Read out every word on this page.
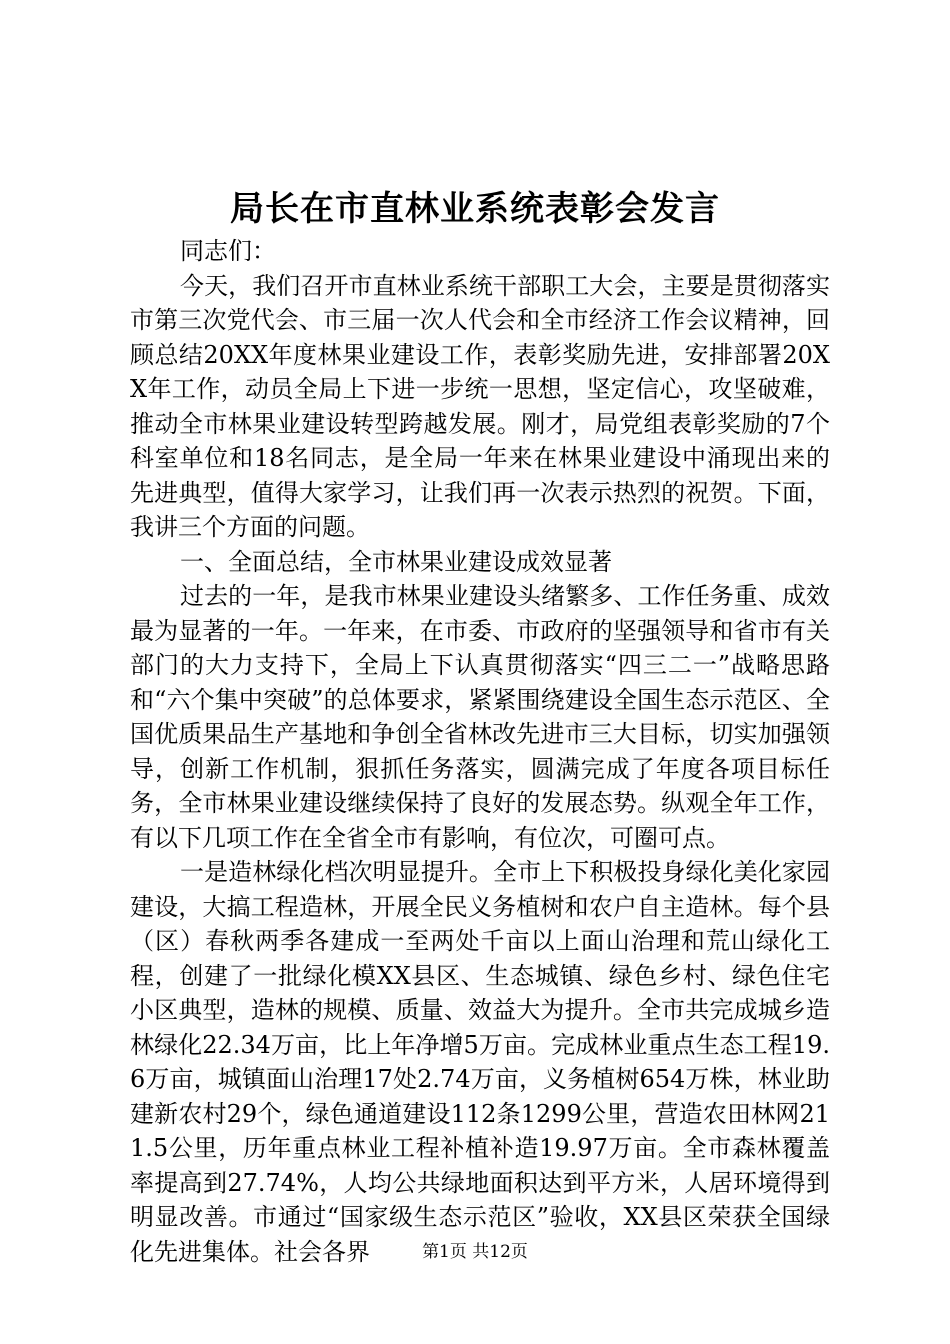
局长在市直林业系统表彰会发言

同志们：

今天，我们召开市直林业系统干部职工大会，主要是贯彻落实市第三次党代会、市三届一次人代会和全市经济工作会议精神，回顾总结20XX年度林果业建设工作，表彰奖励先进，安排部署20XX年工作，动员全局上下进一步统一思想，坚定信心，攻坚破难，推动全市林果业建设转型跨越发展。刚才，局党组表彰奖励的7个科室单位和18名同志，是全局一年来在林果业建设中涌现出来的先进典型，值得大家学习，让我们再一次表示热烈的祝贺。下面，我讲三个方面的问题。

一、全面总结，全市林果业建设成效显著

过去的一年，是我市林果业建设头绪繁多、工作任务重、成效最为显著的一年。一年来，在市委、市政府的坚强领导和省市有关部门的大力支持下，全局上下认真贯彻落实“四三二一”战略思路和“六个集中突破”的总体要求，紧紧围绕建设全国生态示范区、全国优质果品生产基地和争创全省林改先进市三大目标，切实加强领导，创新工作机制，狠抓任务落实，圆满完成了年度各项目标任务，全市林果业建设继续保持了良好的发展态势。纵观全年工作，有以下几项工作在全省全市有影响，有位次，可圈可点。

一是造林绿化档次明显提升。全市上下积极投身绿化美化家园建设，大搞工程造林，开展全民义务植树和农户自主造林。每个县（区）春秋两季各建成一至两处千亩以上面山治理和荒山绿化工程，创建了一批绿化模XX县区、生态城镇、绿色乡村、绿色住宅小区典型，造林的规模、质量、效益大为提升。全市共完成城乡造林绿化22.34万亩，比上年净增5万亩。完成林业重点生态工程19.6万亩，城镇面山治理17处2.74万亩，义务植树654万株，林业助建新农村29个，绿色通道建设112条1299公里，营造农田林网211.5公里，历年重点林业工程补植补造19.97万亩。全市森林覆盖率提高到27.74%，人均公共绿地面积达到平方米，人居环境得到明显改善。市通过“国家级生态示范区”验收，XX县区荣获全国绿化先进集体。社会各界	第1页 共12页
